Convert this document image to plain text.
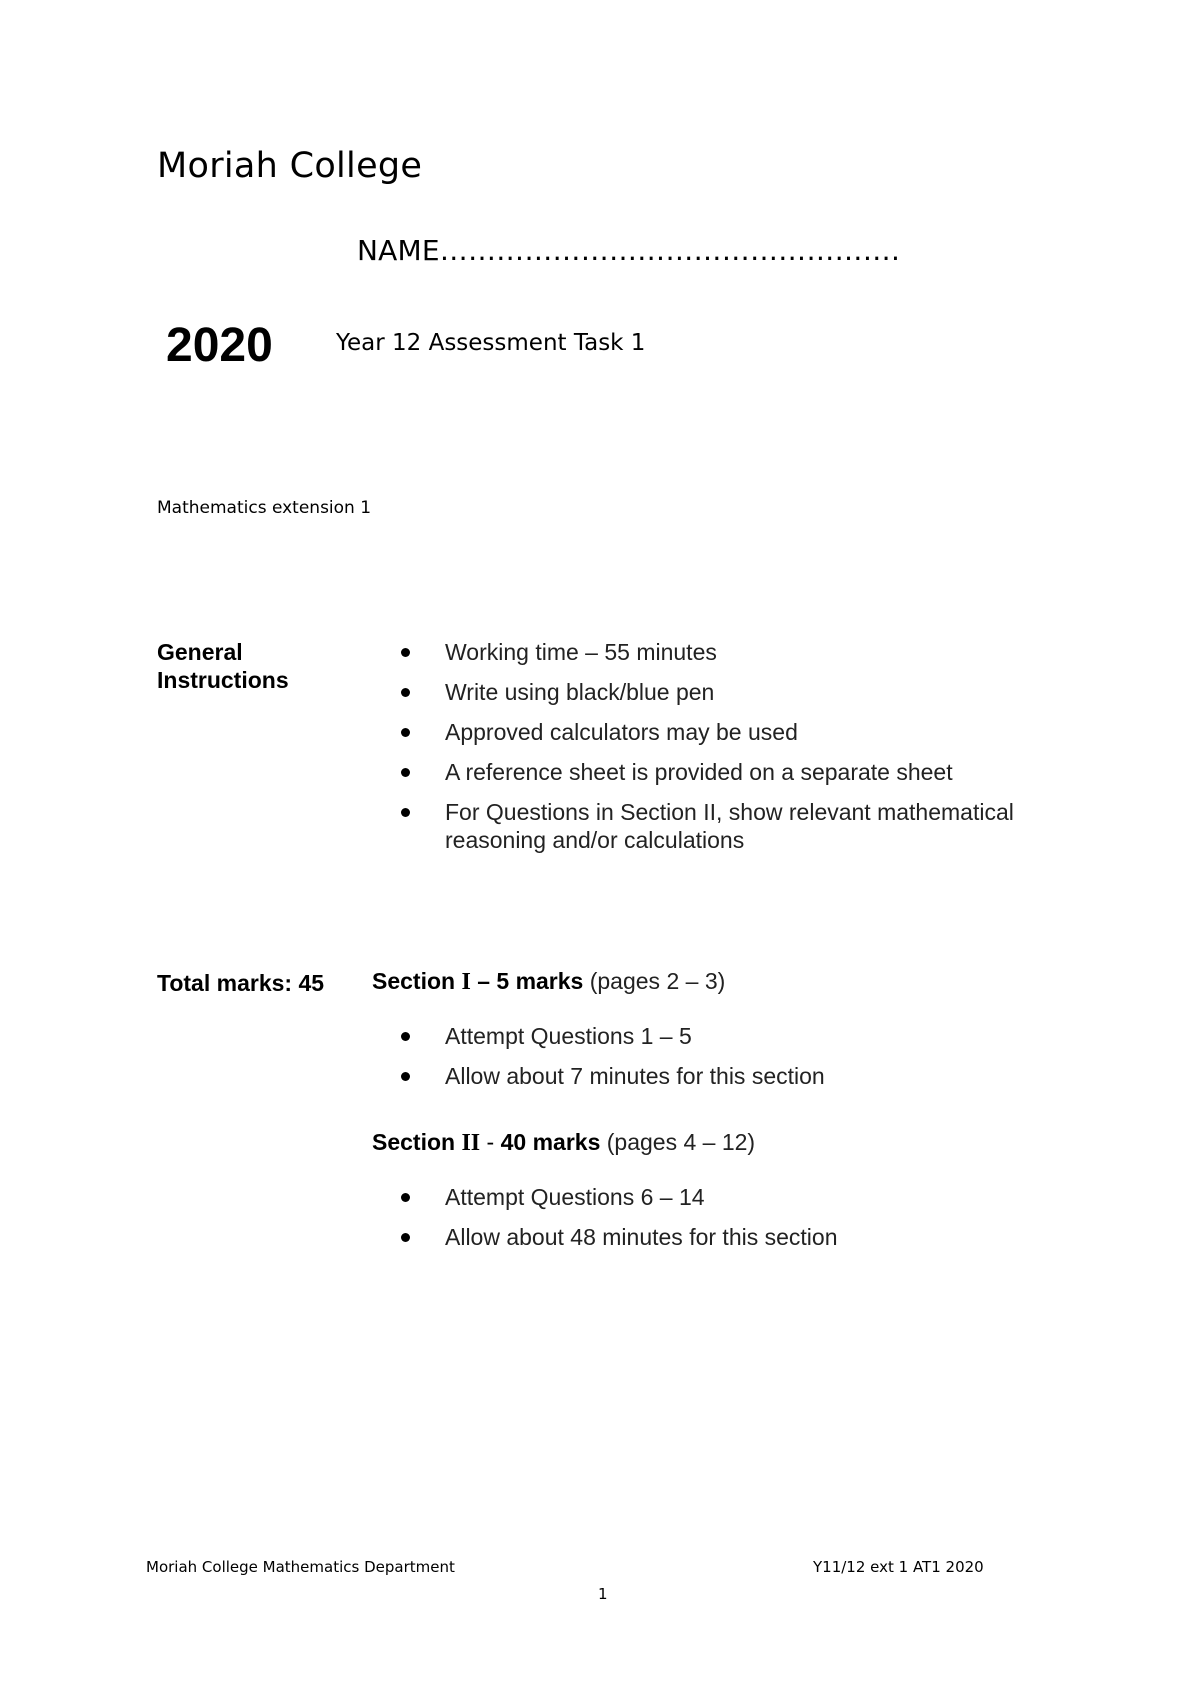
Moriah College
NAME………………………………………….
2020	Year 12 Assessment Task 1
Mathematics extension 1
General
Instructions
Working time – 55 minutes
Write using black/blue pen
Approved calculators may be used
A reference sheet is provided on a separate sheet
For Questions in Section II, show relevant mathematical reasoning and/or calculations
Total marks: 45 Section I – 5 marks (pages 2 – 3)
Attempt Questions 1 – 5
Allow about 7 minutes for this section
Section II - 40 marks (pages 4 – 12)
Attempt Questions 6 – 14
Allow about 48 minutes for this section
Moriah College Mathematics Department	Y11/12 ext 1 AT1 2020
1
